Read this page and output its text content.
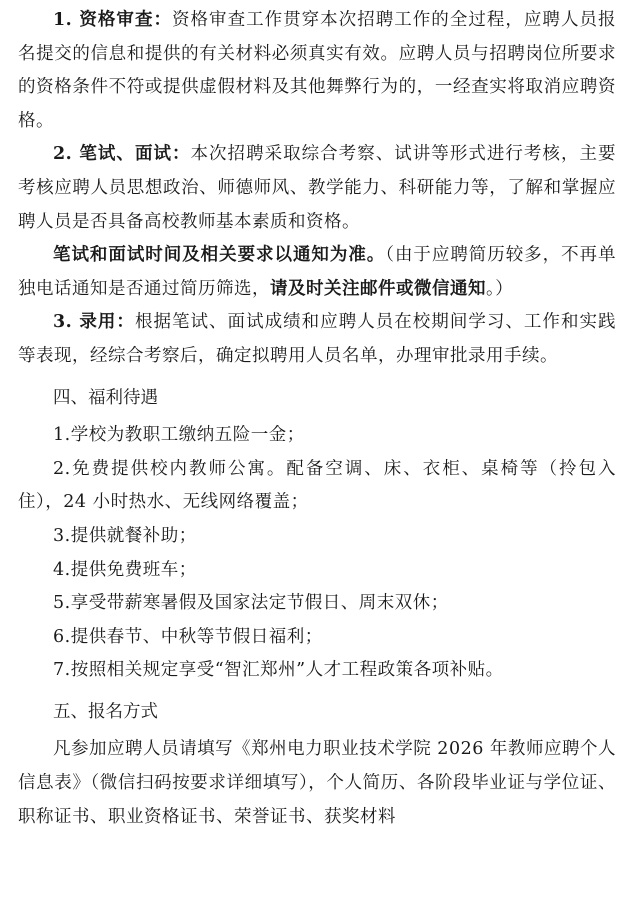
1. 资格审查：资格审查工作贯穿本次招聘工作的全过程，应聘人员报名提交的信息和提供的有关材料必须真实有效。应聘人员与招聘岗位所要求的资格条件不符或提供虚假材料及其他舞弊行为的，一经查实将取消应聘资格。

2. 笔试、面试：本次招聘采取综合考察、试讲等形式进行考核，主要考核应聘人员思想政治、师德师风、教学能力、科研能力等，了解和掌握应聘人员是否具备高校教师基本素质和资格。

笔试和面试时间及相关要求以通知为准。（由于应聘简历较多，不再单独电话通知是否通过简历筛选，请及时关注邮件或微信通知。）

3. 录用：根据笔试、面试成绩和应聘人员在校期间学习、工作和实践等表现，经综合考察后，确定拟聘用人员名单，办理审批录用手续。

四、福利待遇

1.学校为教职工缴纳五险一金；

2.免费提供校内教师公寓。配备空调、床、衣柜、桌椅等（拎包入住），24 小时热水、无线网络覆盖；

3.提供就餐补助；

4.提供免费班车；

5.享受带薪寒暑假及国家法定节假日、周末双休；

6.提供春节、中秋等节假日福利；

7.按照相关规定享受“智汇郑州”人才工程政策各项补贴。

五、报名方式

凡参加应聘人员请填写《郑州电力职业技术学院 2026 年教师应聘个人信息表》（微信扫码按要求详细填写），个人简历、各阶段毕业证与学位证、职称证书、职业资格证书、荣誉证书、获奖材料
